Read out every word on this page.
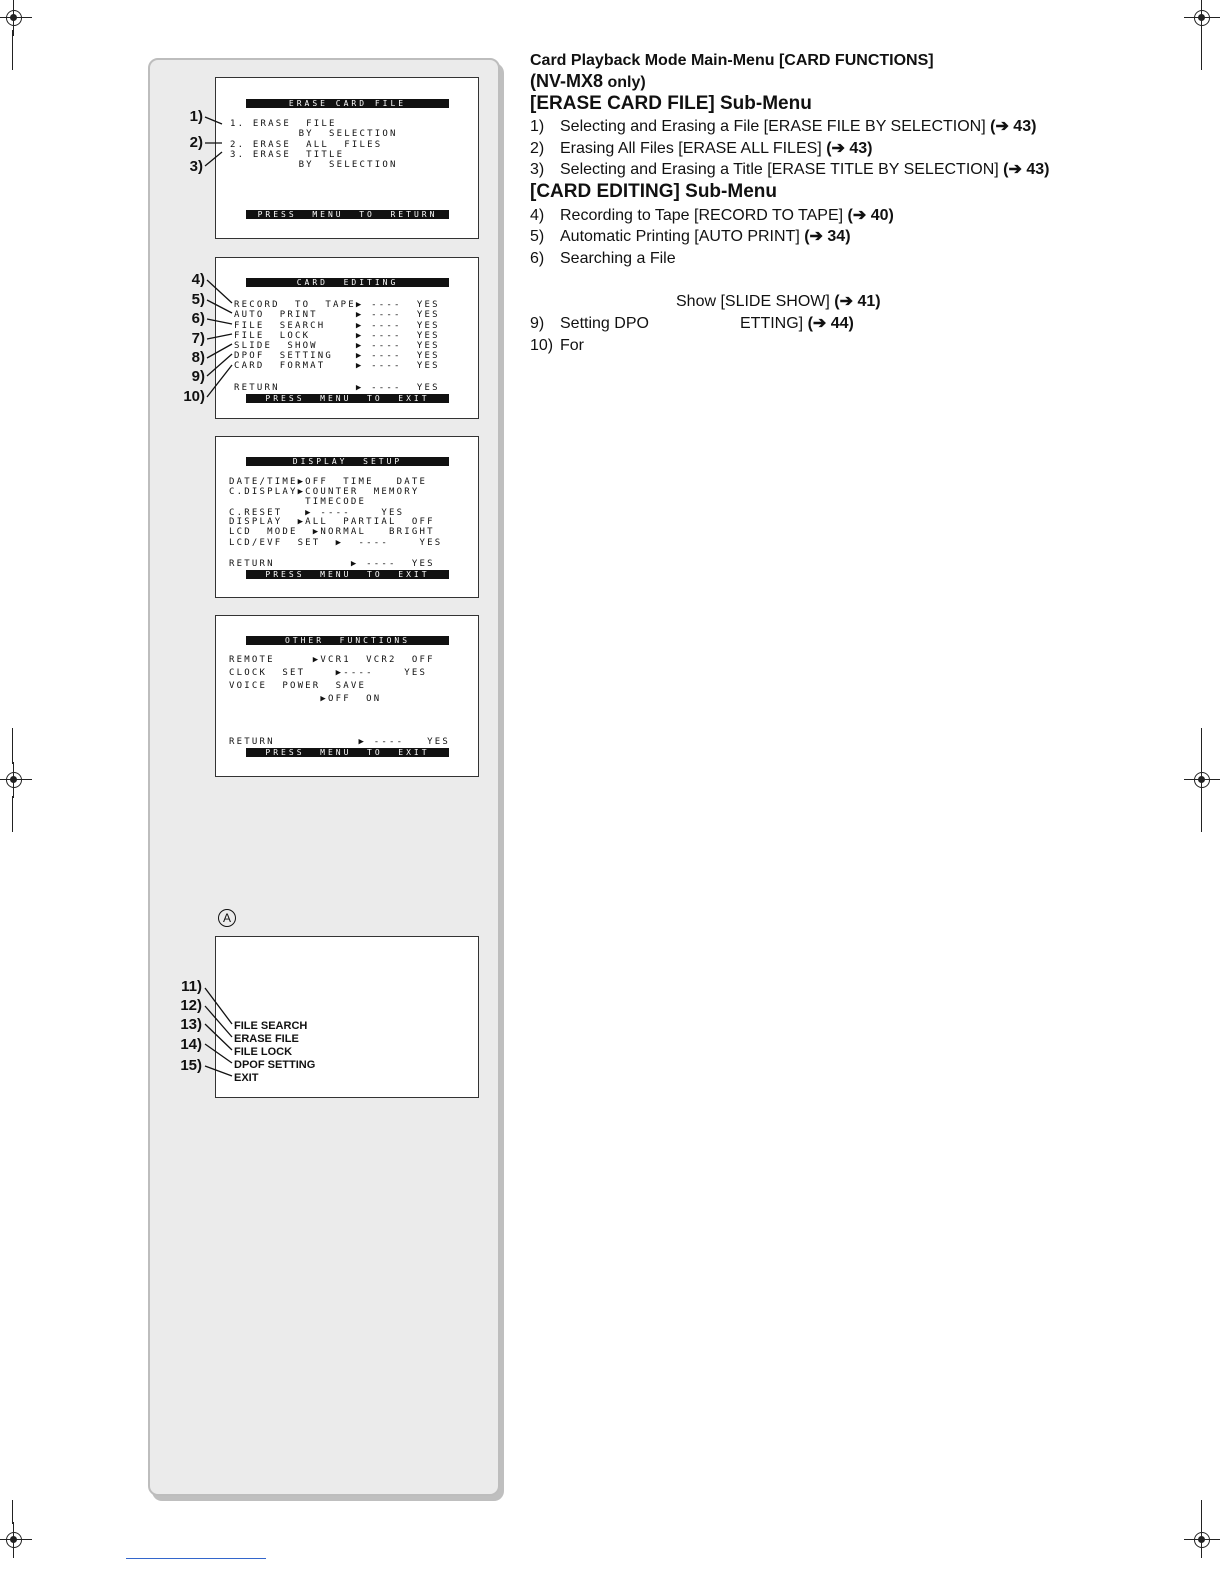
ERASE CARD FILE
1. ERASE  FILE
BY  SELECTION
2. ERASE  ALL  FILES
3. ERASE  TITLE
BY  SELECTION
PRESS  MENU  TO  RETURN
CARD  EDITING
RECORD  TO  TAPE▶ ----  YES
AUTO  PRINT     ▶ ----  YES
FILE  SEARCH    ▶ ----  YES
FILE  LOCK      ▶ ----  YES
SLIDE  SHOW     ▶ ----  YES
DPOF  SETTING   ▶ ----  YES
CARD  FORMAT    ▶ ----  YES
RETURN          ▶ ----  YES
PRESS  MENU  TO  EXIT
DISPLAY  SETUP
DATE∕TIME▶OFF  TIME   DATE
C.DISPLAY▶COUNTER  MEMORY
TIMECODE
C.RESET   ▶ ----    YES
DISPLAY  ▶ALL  PARTIAL  OFF
LCD  MODE  ▶NORMAL   BRIGHT
LCD∕EVF  SET  ▶  ----    YES
RETURN          ▶ ----  YES
PRESS  MENU  TO  EXIT
OTHER  FUNCTIONS
REMOTE     ▶VCR1  VCR2  OFF
CLOCK  SET    ▶----    YES
VOICE  POWER  SAVE
▶OFF  ON
RETURN           ▶ ----   YES
PRESS  MENU  TO  EXIT
A
FILE SEARCH
ERASE FILE
FILE LOCK
DPOF SETTING
EXIT
1)
2)
3)
4)
5)
6)
7)
8)
9)
10)
11)
12)
13)
14)
15)
Card Playback Mode Main-Menu [CARD FUNCTIONS]
(NV-MX8 only)
[ERASE CARD FILE] Sub-Menu
1) Selecting and Erasing a File [ERASE FILE BY SELECTION] (➔ 43)
2) Erasing All Files [ERASE ALL FILES] (➔ 43)
3) Selecting and Erasing a Title [ERASE TITLE BY SELECTION] (➔ 43)
[CARD EDITING] Sub-Menu
4) Recording to Tape [RECORD TO TAPE] (➔ 40)
5) Automatic Printing [AUTO PRINT] (➔ 34)
6) Searching a File
Show [SLIDE SHOW] (➔ 41)
9) Setting DPO	ETTING] (➔ 44)
10) For
